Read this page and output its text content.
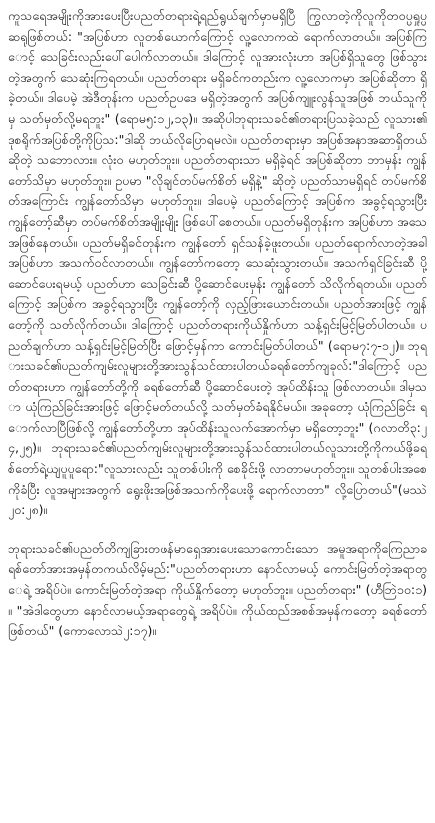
ကူသရေအမျိုးကိုအားပေးပြီးပညတ်တရားရဲ့ရည်ရွယ်ချက်မှာမရှိပြီ ကြွလာတဲ့ကိုလူကိုတဝပ္ပရှုပ္ပဆရုဖြစ်တယ်: "အပြစ်ဟာ လူတစ်ယောက်ကြောင့် လူ့လောကထဲ ရောက်လာတယ်။ အပြစ်ကြောင့် သေခြင်းလည်းပေါ်ပေါက်လာတယ်။ ဒါကြောင့် လူအားလုံးဟာ အပြစ်ရှိသူတွေ ဖြစ်သွားတဲ့အတွက် သေဆုံးကြရတယ်။ ပညတ်တရား မရှိခင်ကတည်းက လူ့လောကမှာ အပြစ်ဆိုတာ ရှိခဲ့တယ်။ ဒါပေမဲ့ အဲဒီတုန်းက ပညတ်ဥပဒေ မရှိတဲ့အတွက် အပြစ်ကျူးလွန်သူအဖြစ် ဘယ်သူကိုမှ သတ်မှတ်လို့မရဘူး" (ရောမ၅:၁၂,၁၃)။ အဆိုပါဘုရားသခင်၏တရားပြသခဲ့သည် လူသား၏ဒုစရိုက်အပြစ်တို့ကိုပြသ:"ဒါဆို ဘယ်လိုပြောရမလဲ။ ပညတ်တရားမှာ အပြစ်အနာအဆာရှိတယ်ဆိုတဲ့ သဘောလား။ လုံးဝ မဟုတ်ဘူး။ ပညတ်တရားသာ မရှိခဲ့ရင် အပြစ်ဆိုတာ ဘာမှန်း ကျွန်တော်သိမှာ မဟုတ်ဘူး။ ဥပမာ "လိုချင်တပ်မက်စိတ် မရှိနဲ့" ဆိုတဲ့ ပညတ်သာမရှိရင် တပ်မက်စိတ်အကြောင်း ကျွန်တော်သိမှာ မဟုတ်ဘူး။ ဒါပေမဲ့ ပညတ်ကြောင့် အပြစ်က အခွင့်ရသွားပြီး ကျွန်တော့်ဆီမှာ တပ်မက်စိတ်အမျိုးမျိုး ဖြစ်ပေါ်စေတယ်။ ပညတ်မရှိတုန်းက အပြစ်ဟာ အသေအဖြစ်နေတယ်။ ပညတ်မရှိခင်တုန်းက ကျွန်တော် ရှင်သန်ခဲ့ဖူးတယ်။ ပညတ်ရောက်လာတဲ့အခါ အပြစ်ဟာ အသက်ဝင်လာတယ်။ ကျွန်တော်ကတော့ သေဆုံးသွားတယ်။ အသက်ရှင်ခြင်းဆီ ပို့ဆောင်ပေးရမယ့် ပညတ်ဟာ သေခြင်းဆီ ပို့ဆောင်ပေးမှန်း ကျွန်တော် သိလိုက်ရတယ်။ ပညတ်ကြောင့် အပြစ်က အခွင့်ရသွားပြီး ကျွန်တော့်ကို လှည့်ဖြားယောင်းတယ်။ ပညတ်အားဖြင့် ကျွန်တော့်ကို သတ်လိုက်တယ်။ ဒါကြောင့် ပညတ်တရားကိုယ်နှိုက်ဟာ သန့်ရှင်းမြင့်မြတ်ပါတယ်။ ပညတ်ချက်ဟာ သန့်ရှင်းမြင့်မြတ်ပြီး ဖြောင့်မှန်ကာ ကောင်းမြတ်ပါတယ်" (ရောမ၇:၇-၁၂)။ ဘုရားသခင်၏ပညတ်ကျမ်းလူများတို့အားသွန်သင်ထားပါတယ်ခရစ်တော်ကျခုလ်:"ဒါကြောင့် ပညတ်တရားဟာ ကျွန်တော်တို့ကို ခရစ်တော်ဆီ ပို့ဆောင်ပေးတဲ့ အုပ်ထိန်းသူ ဖြစ်လာတယ်။ ဒါမှသာ ယုံကြည်ခြင်းအားဖြင့် ဖြောင့်မတ်တယ်လို့ သတ်မှတ်ခံရနိုင်မယ်။ အခုတော့ ယုံကြည်ခြင်း ရောက်လာပြီဖြစ်လို့ ကျွန်တော်တို့ဟာ အုပ်ထိန်းသူလက်အောက်မှာ မရှိတော့ဘူး" (ဂလာတိ၃:၂၄,၂၅)။ ဘုရားသခင်၏ပညတ်ကျမ်းလူများတို့အားသွန်သင်ထားပါတယ်လူသားတို့ကိုကယ်ဖို့ခရစ်တော်ရဲ့ယျပူပူရော:"လူသားလည်း သူတစ်ပါးကို စေခိုင်းဖို့ လာတာမဟုတ်ဘူး။ သူတစ်ပါးအစေကိုခံပြီး လူအများအတွက် ရွေးဖိုးအဖြစ်အသက်ကိုပေးဖို့ ရောက်လာတာ" လို့ပြောတယ်"(မဿဲ၂၀:၂၈)။

ဘုရားသခင်၏ပညတ်တိကျခြားတဖန်မာရှေအားပေးသောကောင်းသော အမူအရာကိုကြေညာခရစ်တော်အားအမှန်တကယ်လိမ့်မည်:"ပညတ်တရားဟာ နောင်လာမယ့် ကောင်းမြတ်တဲ့အရာတွေရဲ့ အရိပ်ပဲ။ ကောင်းမြတ်တဲ့အရာ ကိုယ်နှိုက်တော့ မဟုတ်ဘူး။ ပညတ်တရား" (ဟီဘြဲ၁၀:၁)။ "အဲဒါတွေဟာ နောင်လာမယ့်အရာတွေရဲ့ အရိပ်ပဲ။ ကိုယ်ထည်အစစ်အမှန်ကတော့ ခရစ်တော်ဖြစ်တယ်" (ကောလောသဲ၂:၁၇)။
